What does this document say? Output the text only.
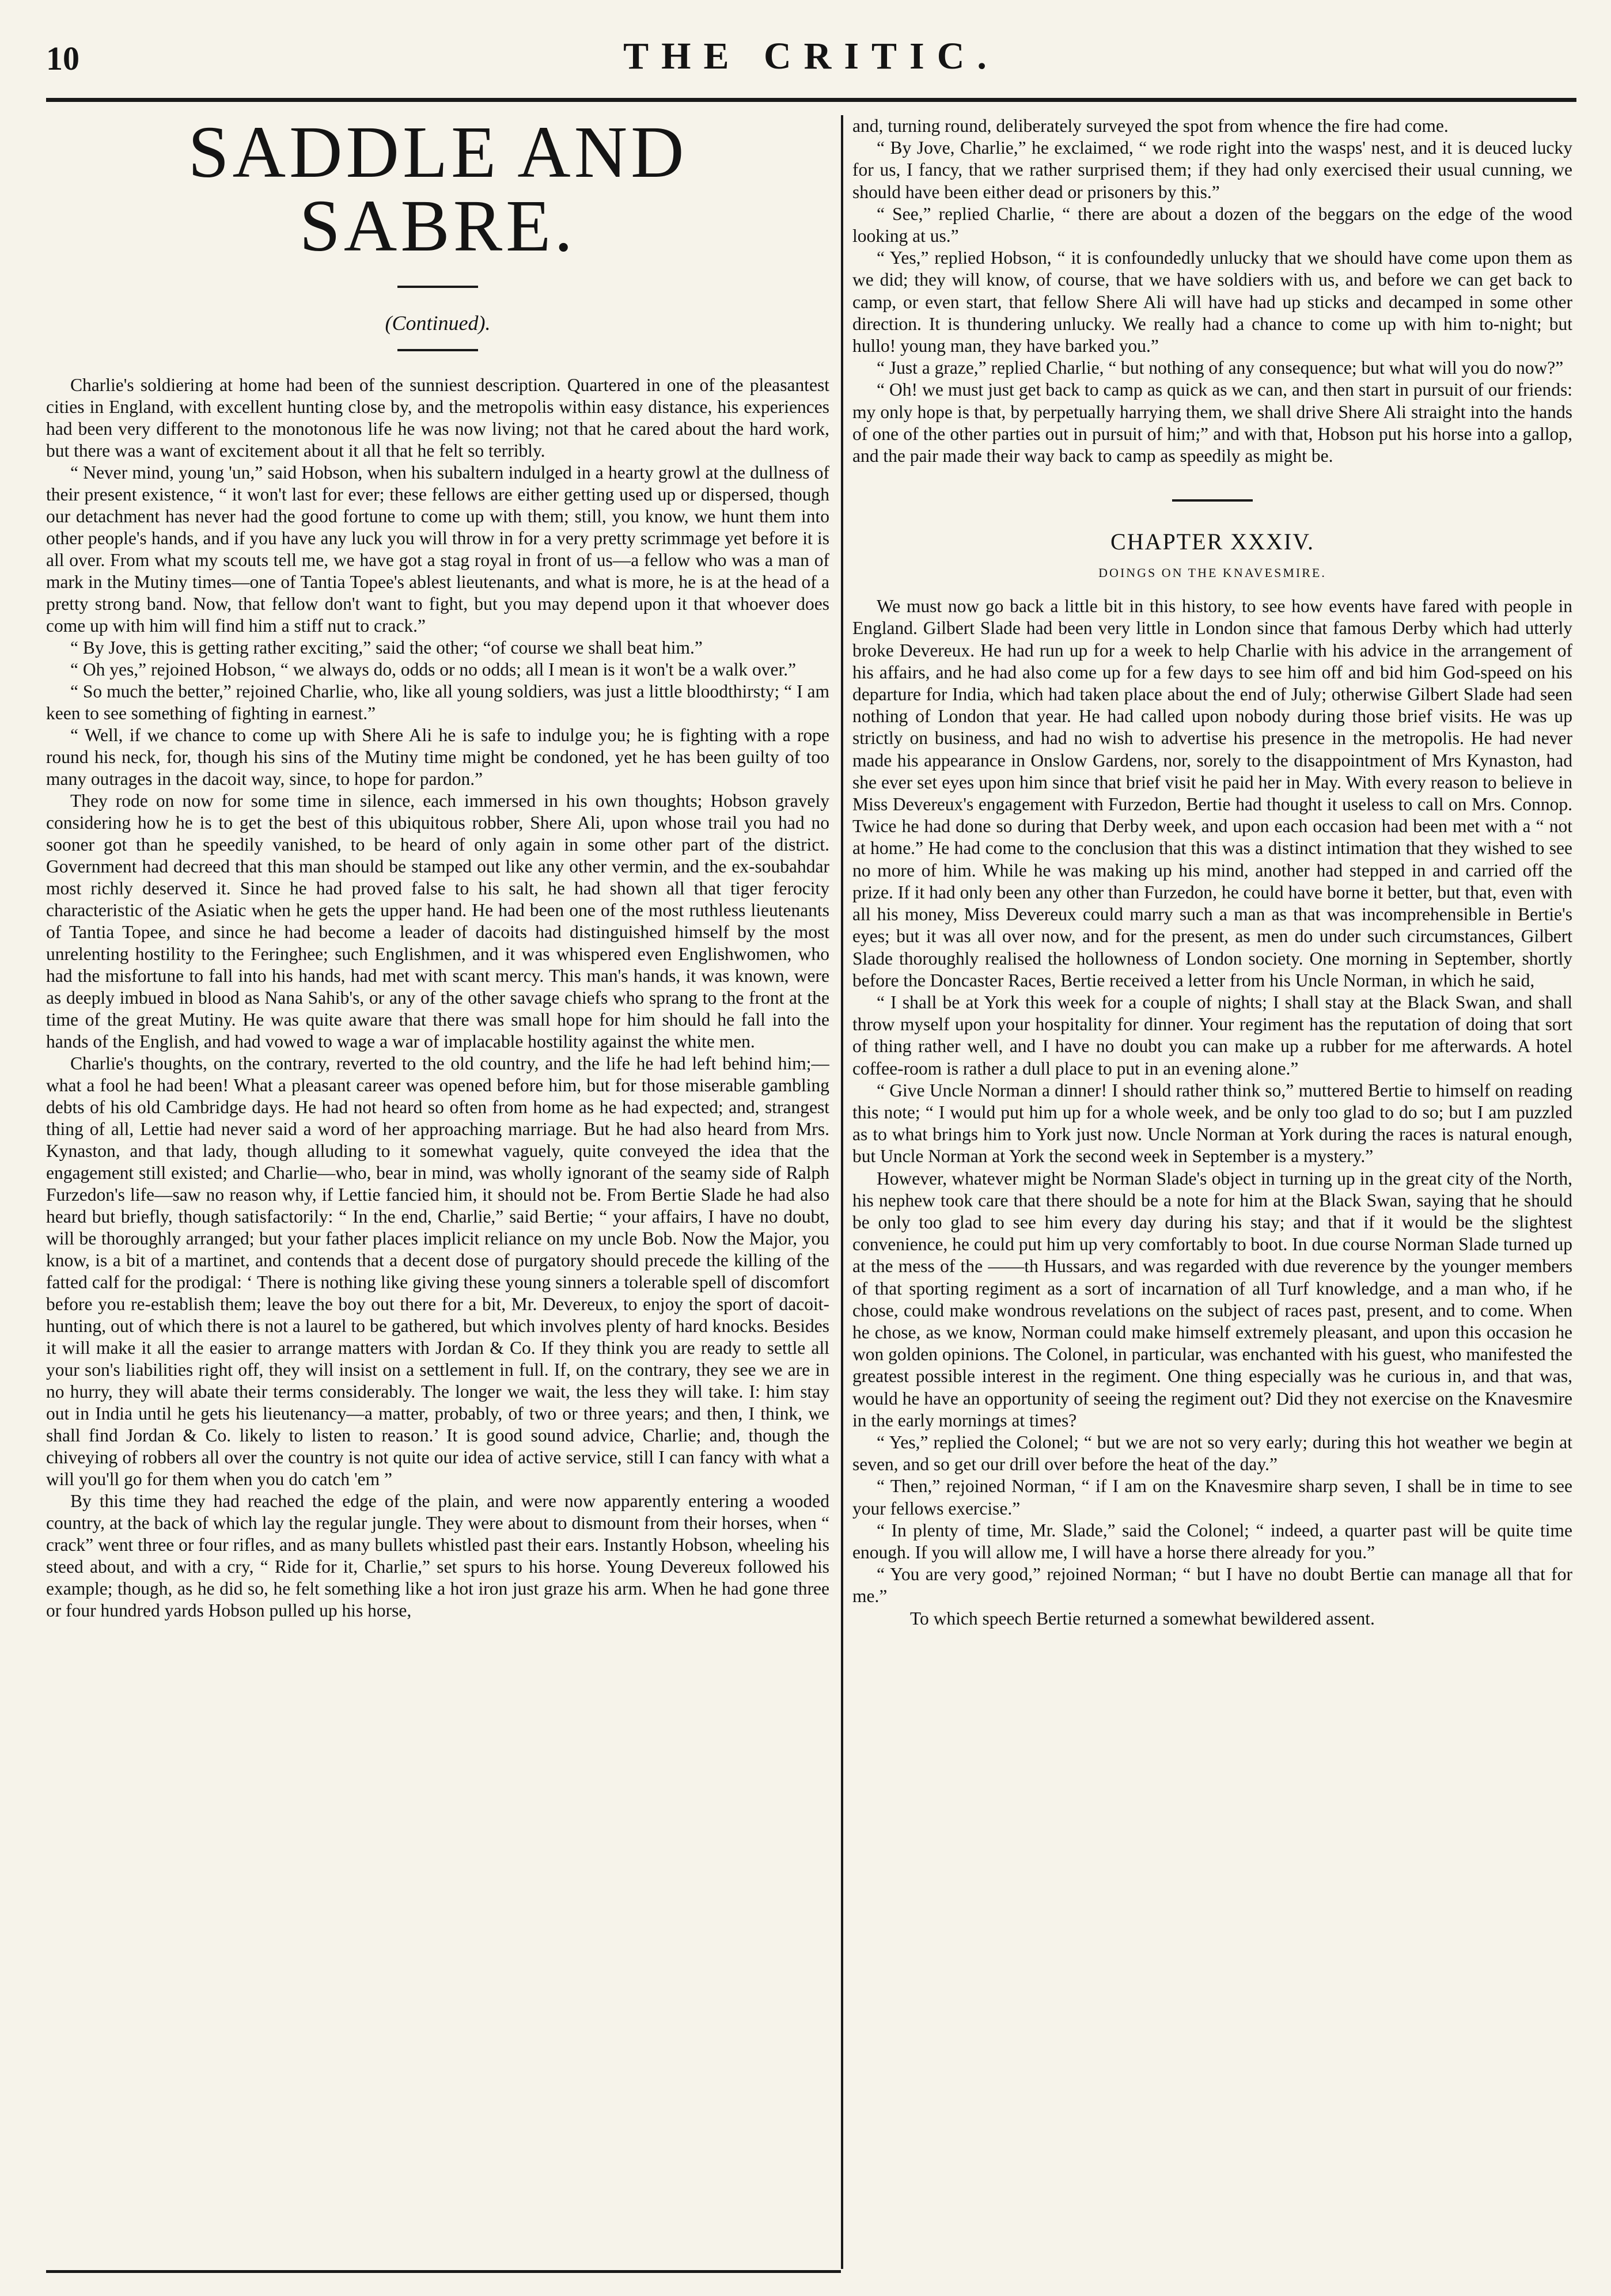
10	THE CRITIC.
SADDLE AND SABRE.
(Continued).

Charlie's soldiering at home had been of the sunniest description. Quartered in one of the pleasantest cities in England, with excellent hunting close by, and the metropolis within easy distance, his experiences had been very different to the monotonous life he was now living; not that he cared about the hard work, but there was a want of excitement about it all that he felt so terribly.

“ Never mind, young 'un,” said Hobson, when his subaltern indulged in a hearty growl at the dullness of their present existence, “ it won't last for ever; these fellows are either getting used up or dispersed, though our detachment has never had the good fortune to come up with them; still, you know, we hunt them into other people's hands, and if you have any luck you will throw in for a very pretty scrimmage yet before it is all over. From what my scouts tell me, we have got a stag royal in front of us—a fellow who was a man of mark in the Mutiny times—one of Tantia Topee's ablest lieutenants, and what is more, he is at the head of a pretty strong band. Now, that fellow don't want to fight, but you may depend upon it that whoever does come up with him will find him a stiff nut to crack.”

“ By Jove, this is getting rather exciting,” said the other; “of course we shall beat him.”

“ Oh yes,” rejoined Hobson, “ we always do, odds or no odds; all I mean is it won't be a walk over.”

“ So much the better,” rejoined Charlie, who, like all young soldiers, was just a little bloodthirsty; “ I am keen to see something of fighting in earnest.”

“ Well, if we chance to come up with Shere Ali he is safe to indulge you; he is fighting with a rope round his neck, for, though his sins of the Mutiny time might be condoned, yet he has been guilty of too many outrages in the dacoit way, since, to hope for pardon.”

They rode on now for some time in silence, each immersed in his own thoughts; Hobson gravely considering how he is to get the best of this ubiquitous robber, Shere Ali, upon whose trail you had no sooner got than he speedily vanished, to be heard of only again in some other part of the district. Government had decreed that this man should be stamped out like any other vermin, and the ex-soubahdar most richly deserved it. Since he had proved false to his salt, he had shown all that tiger ferocity characteristic of the Asiatic when he gets the upper hand. He had been one of the most ruthless lieutenants of Tantia Topee, and since he had become a leader of dacoits had distinguished himself by the most unrelenting hostility to the Feringhee; such Englishmen, and it was whispered even Englishwomen, who had the misfortune to fall into his hands, had met with scant mercy. This man's hands, it was known, were as deeply imbued in blood as Nana Sahib's, or any of the other savage chiefs who sprang to the front at the time of the great Mutiny. He was quite aware that there was small hope for him should he fall into the hands of the English, and had vowed to wage a war of implacable hostility against the white men.

Charlie's thoughts, on the contrary, reverted to the old country, and the life he had left behind him;—what a fool he had been! What a pleasant career was opened before him, but for those miserable gambling debts of his old Cambridge days. He had not heard so often from home as he had expected; and, strangest thing of all, Lettie had never said a word of her approaching marriage. But he had also heard from Mrs. Kynaston, and that lady, though alluding to it somewhat vaguely, quite conveyed the idea that the engagement still existed; and Charlie—who, bear in mind, was wholly ignorant of the seamy side of Ralph Furzedon's life—saw no reason why, if Lettie fancied him, it should not be. From Bertie Slade he had also heard but briefly, though satisfactorily: “ In the end, Charlie,” said Bertie; “ your affairs, I have no doubt, will be thoroughly arranged; but your father places implicit reliance on my uncle Bob. Now the Major, you know, is a bit of a martinet, and contends that a decent dose of purgatory should precede the killing of the fatted calf for the prodigal: ‘ There is nothing like giving these young sinners a tolerable spell of discomfort before you re-establish them; leave the boy out there for a bit, Mr. Devereux, to enjoy the sport of dacoit-hunting, out of which there is not a laurel to be gathered, but which involves plenty of hard knocks. Besides it will make it all the easier to arrange matters with Jordan & Co. If they think you are ready to settle all your son's liabilities right off, they will insist on a settlement in full. If, on the contrary, they see we are in no hurry, they will abate their terms considerably. The longer we wait, the less they will take. I: him stay out in India until he gets his lieutenancy—a matter, probably, of two or three years; and then, I think, we shall find Jordan & Co. likely to listen to reason.’ It is good sound advice, Charlie; and, though the chiveying of robbers all over the country is not quite our idea of active service, still I can fancy with what a will you'll go for them when you do catch 'em ”

By this time they had reached the edge of the plain, and were now apparently entering a wooded country, at the back of which lay the regular jungle. They were about to dismount from their horses, when “ crack” went three or four rifles, and as many bullets whistled past their ears. Instantly Hobson, wheeling his steed about, and with a cry, “ Ride for it, Charlie,” set spurs to his horse. Young Devereux followed his example; though, as he did so, he felt something like a hot iron just graze his arm. When he had gone three or four hundred yards Hobson pulled up his horse,

and, turning round, deliberately surveyed the spot from whence the fire had come.

“ By Jove, Charlie,” he exclaimed, “ we rode right into the wasps' nest, and it is deuced lucky for us, I fancy, that we rather surprised them; if they had only exercised their usual cunning, we should have been either dead or prisoners by this.”

“ See,” replied Charlie, “ there are about a dozen of the beggars on the edge of the wood looking at us.”

“ Yes,” replied Hobson, “ it is confoundedly unlucky that we should have come upon them as we did; they will know, of course, that we have soldiers with us, and before we can get back to camp, or even start, that fellow Shere Ali will have had up sticks and decamped in some other direction. It is thundering unlucky. We really had a chance to come up with him to-night; but hullo! young man, they have barked you.”

“ Just a graze,” replied Charlie, “ but nothing of any consequence; but what will you do now?”

“ Oh! we must just get back to camp as quick as we can, and then start in pursuit of our friends: my only hope is that, by perpetually harrying them, we shall drive Shere Ali straight into the hands of one of the other parties out in pursuit of him;” and with that, Hobson put his horse into a gallop, and the pair made their way back to camp as speedily as might be.

CHAPTER XXXIV.
DOINGS ON THE KNAVESMIRE.

We must now go back a little bit in this history, to see how events have fared with people in England. Gilbert Slade had been very little in London since that famous Derby which had utterly broke Devereux. He had run up for a week to help Charlie with his advice in the arrangement of his affairs, and he had also come up for a few days to see him off and bid him God-speed on his departure for India, which had taken place about the end of July; otherwise Gilbert Slade had seen nothing of London that year. He had called upon nobody during those brief visits. He was up strictly on business, and had no wish to advertise his presence in the metropolis. He had never made his appearance in Onslow Gardens, nor, sorely to the disappointment of Mrs Kynaston, had she ever set eyes upon him since that brief visit he paid her in May. With every reason to believe in Miss Devereux's engagement with Furzedon, Bertie had thought it useless to call on Mrs. Connop. Twice he had done so during that Derby week, and upon each occasion had been met with a “ not at home.” He had come to the conclusion that this was a distinct intimation that they wished to see no more of him. While he was making up his mind, another had stepped in and carried off the prize. If it had only been any other than Furzedon, he could have borne it better, but that, even with all his money, Miss Devereux could marry such a man as that was incomprehensible in Bertie's eyes; but it was all over now, and for the present, as men do under such circumstances, Gilbert Slade thoroughly realised the hollowness of London society. One morning in September, shortly before the Doncaster Races, Bertie received a letter from his Uncle Norman, in which he said,

“ I shall be at York this week for a couple of nights; I shall stay at the Black Swan, and shall throw myself upon your hospitality for dinner. Your regiment has the reputation of doing that sort of thing rather well, and I have no doubt you can make up a rubber for me afterwards. A hotel coffee-room is rather a dull place to put in an evening alone.”

“ Give Uncle Norman a dinner! I should rather think so,” muttered Bertie to himself on reading this note; “ I would put him up for a whole week, and be only too glad to do so; but I am puzzled as to what brings him to York just now. Uncle Norman at York during the races is natural enough, but Uncle Norman at York the second week in September is a mystery.”

However, whatever might be Norman Slade's object in turning up in the great city of the North, his nephew took care that there should be a note for him at the Black Swan, saying that he should be only too glad to see him every day during his stay; and that if it would be the slightest convenience, he could put him up very comfortably to boot. In due course Norman Slade turned up at the mess of the ——th Hussars, and was regarded with due reverence by the younger members of that sporting regiment as a sort of incarnation of all Turf knowledge, and a man who, if he chose, could make wondrous revelations on the subject of races past, present, and to come. When he chose, as we know, Norman could make himself extremely pleasant, and upon this occasion he won golden opinions. The Colonel, in particular, was enchanted with his guest, who manifested the greatest possible interest in the regiment. One thing especially was he curious in, and that was, would he have an opportunity of seeing the regiment out? Did they not exercise on the Knavesmire in the early mornings at times?

“ Yes,” replied the Colonel; “ but we are not so very early; during this hot weather we begin at seven, and so get our drill over before the heat of the day.”

“ Then,” rejoined Norman, “ if I am on the Knavesmire sharp seven, I shall be in time to see your fellows exercise.”

“ In plenty of time, Mr. Slade,” said the Colonel; “ indeed, a quarter past will be quite time enough. If you will allow me, I will have a horse there already for you.”

“ You are very good,” rejoined Norman; “ but I have no doubt Bertie can manage all that for me.”

To which speech Bertie returned a somewhat bewildered assent.
